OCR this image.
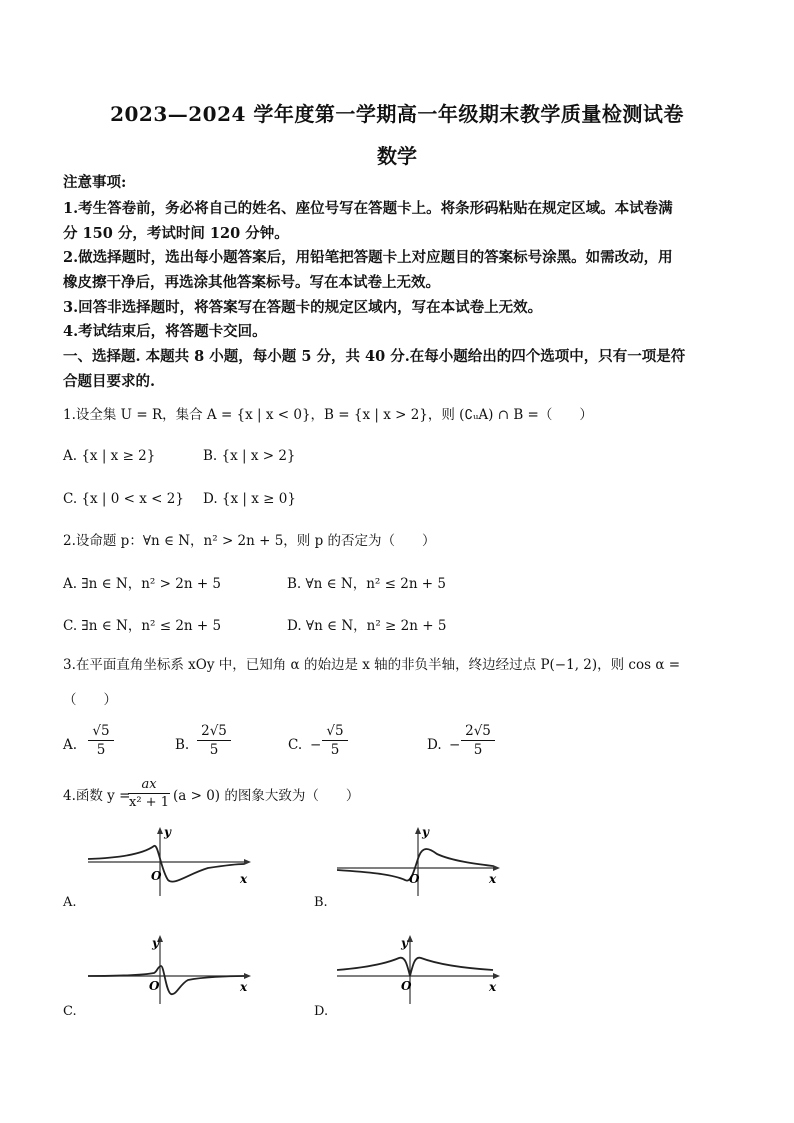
2023—2024 学年度第一学期高一年级期末教学质量检测试卷
数学
注意事项:
1.考生答卷前，务必将自己的姓名、座位号写在答题卡上。将条形码粘贴在规定区域。本试卷满
分 150 分，考试时间 120 分钟。
2.做选择题时，选出每小题答案后，用铅笔把答题卡上对应题目的答案标号涂黑。如需改动，用
橡皮擦干净后，再选涂其他答案标号。写在本试卷上无效。
3.回答非选择题时，将答案写在答题卡的规定区域内，写在本试卷上无效。
4.考试结束后，将答题卡交回。
一、选择题. 本题共 8 小题，每小题 5 分，共 40 分.在每小题给出的四个选项中，只有一项是符
合题目要求的.
1.设全集 U = R，集合 A = {x | x < 0}，B = {x | x > 2}，则 (∁ᵤA) ∩ B =（　　）
A. {x | x ≥ 2}	B. {x | x > 2}
C. {x | 0 < x < 2} D. {x | x ≥ 0}
2.设命题 p：∀n ∈ N，n² > 2n + 5，则 p 的否定为（　　）
A. ∃n ∈ N，n² > 2n + 5	B. ∀n ∈ N，n² ≤ 2n + 5
C. ∃n ∈ N，n² ≤ 2n + 5	D. ∀n ∈ N，n² ≥ 2n + 5
3.在平面直角坐标系 xOy 中，已知角 α 的始边是 x 轴的非负半轴，终边经过点 P(−1, 2)，则 cos α =
（　　）
A. $\frac{√5}{5}$	B. $\frac{2√5}{5}$	C. − $\frac{√5}{5}$	D. − $\frac{2√5}{5}$
4.函数 y =
$\frac{ax}{\text{x² + 1}} (a > 0)$ 的图象大致为（　　）
y
x
O
A.
y
x
O
B.
y
x
O
C.
y
x
O
D.
